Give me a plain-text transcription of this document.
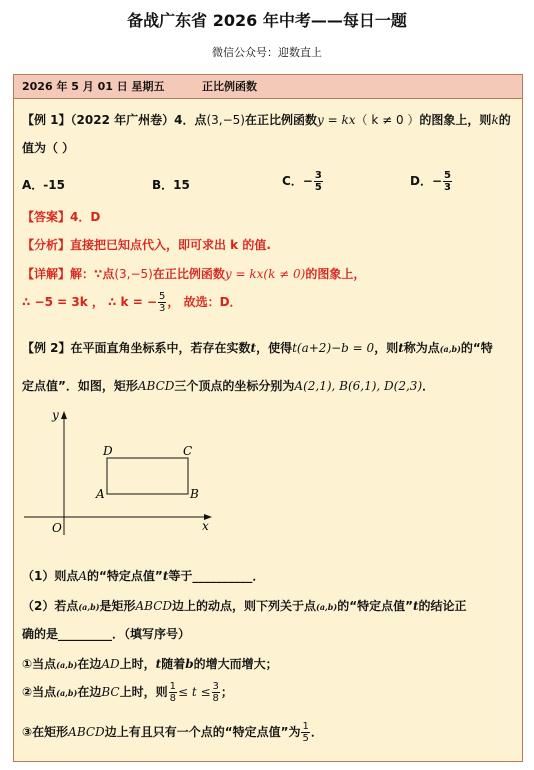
备战广东省 2026 年中考——每日一题
微信公众号：迎数直上
2026 年 5 月 01 日 星期五	正比例函数
【例 1】（2022 年广州卷）4．点(3,−5)在正比例函数y = kx（ k ≠ 0 ）的图象上，则k的
值为（ ）
A．-15	B．15	C．− $\frac{3}{5}$	D．− $\frac{5}{3}$
【答案】4．D
【分析】直接把已知点代入，即可求出 k 的值.
【详解】解：∵点(3,−5)在正比例函数y = kx(k ≠ 0)的图象上，
∴ −5 = 3k ， ∴ k = − $\frac{5}{3}$ ， 故选：D．
【例 2】在平面直角坐标系中，若存在实数t，使得t(a+2)−b = 0，则t称为点(a,b)的“特
定点值”．如图，矩形ABCD三个顶点的坐标分别为A(2,1), B(6,1), D(2,3)．
y
x
O
A	B
C
D
（1）则点A的“特定点值”t等于__________．
（2）若点(a,b)是矩形ABCD边上的动点，则下列关于点(a,b)的“特定点值”t的结论正
确的是_________．（填写序号）
①当点(a,b)在边AD上时，t随着b的增大而增大；
②当点(a,b)在边BC上时，则 $\frac{1}{8} \le t \le \frac{3}{8}$ ；
③在矩形ABCD边上有且只有一个点的“特定点值”为 $\frac{1}{5}$ ．
